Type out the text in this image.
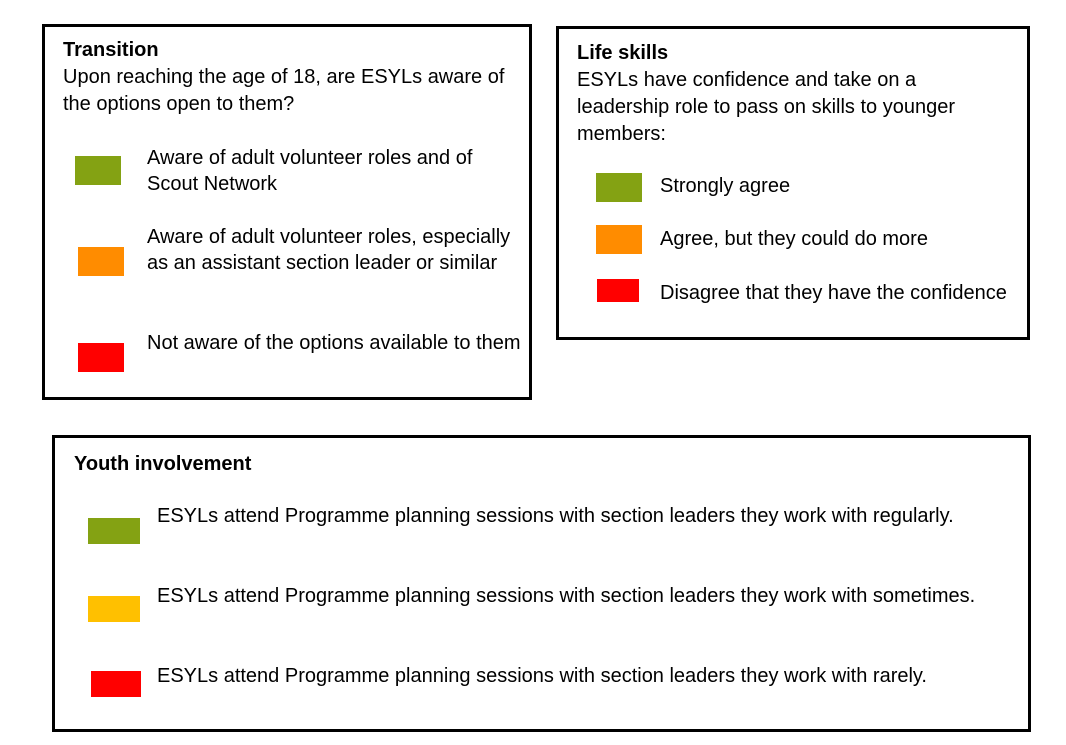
Transition
Upon reaching the age of 18, are ESYLs aware of the options open to them?
Aware of adult volunteer roles and of Scout Network
Aware of adult volunteer roles, especially as an assistant section leader or similar
Not aware of the options available to them
Life skills
ESYLs have confidence and take on a leadership role to pass on skills to younger members:
Strongly agree
Agree, but they could do more
Disagree that they have the confidence
Youth involvement
ESYLs attend Programme planning sessions with section leaders they work with regularly.
ESYLs attend Programme planning sessions with section leaders they work with sometimes.
ESYLs attend Programme planning sessions with section leaders they work with rarely.
